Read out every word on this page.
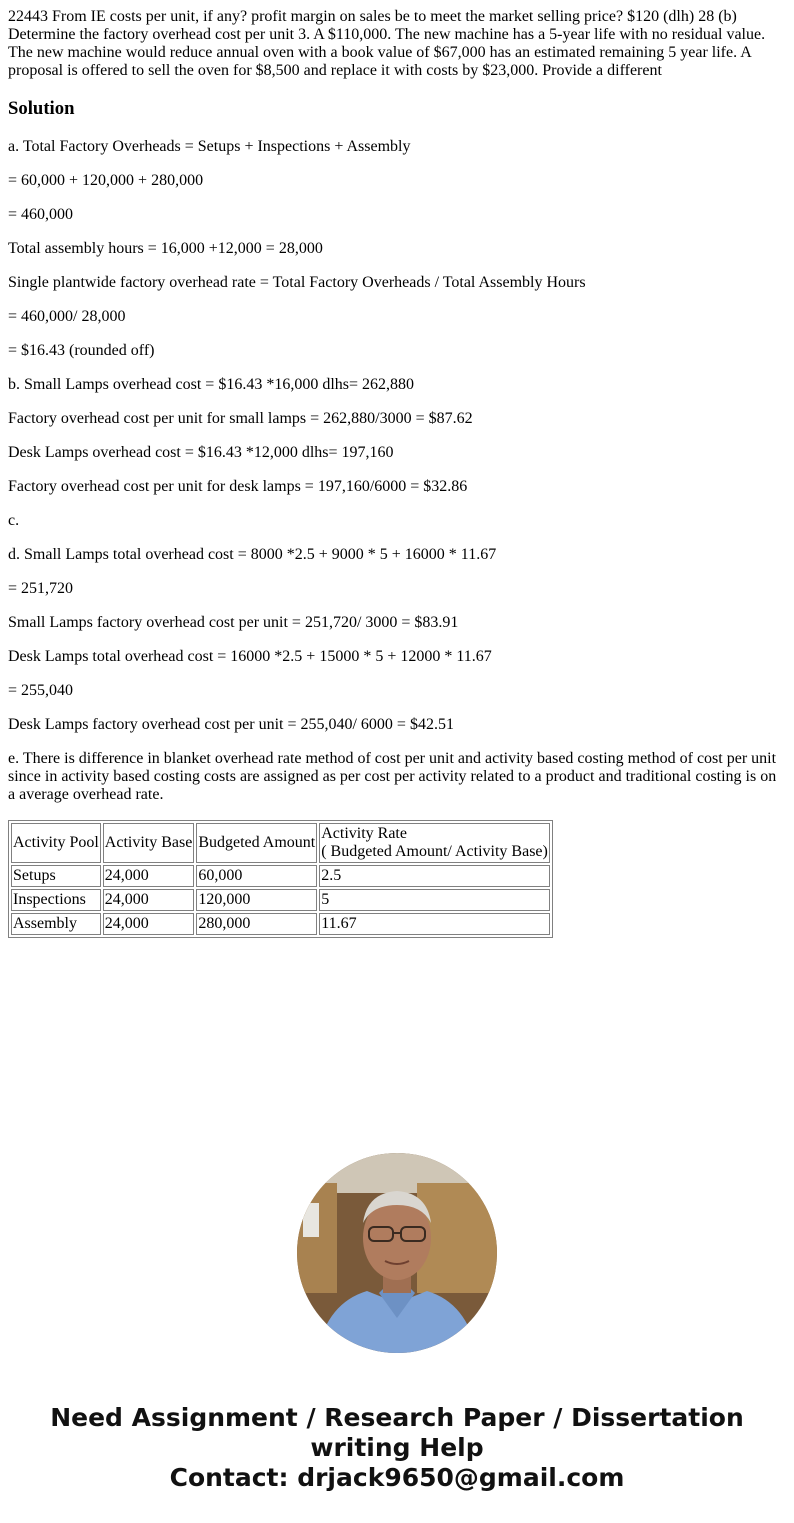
22443 From IE costs per unit, if any? profit margin on sales be to meet the market selling price? $120 (dlh) 28 (b) Determine the factory overhead cost per unit 3. A $110,000. The new machine has a 5-year life with no residual value. The new machine would reduce annual oven with a book value of $67,000 has an estimated remaining 5 year life. A proposal is offered to sell the oven for $8,500 and replace it with costs by $23,000. Provide a different

Solution

a. Total Factory Overheads = Setups + Inspections + Assembly

= 60,000 + 120,000 + 280,000

= 460,000

Total assembly hours = 16,000 +12,000 = 28,000

Single plantwide factory overhead rate = Total Factory Overheads / Total Assembly Hours

= 460,000/ 28,000

= $16.43 (rounded off)

b. Small Lamps overhead cost = $16.43 *16,000 dlhs= 262,880

Factory overhead cost per unit for small lamps = 262,880/3000 = $87.62

Desk Lamps overhead cost = $16.43 *12,000 dlhs= 197,160

Factory overhead cost per unit for desk lamps = 197,160/6000 = $32.86

c.

d. Small Lamps total overhead cost = 8000 *2.5 + 9000 * 5 + 16000 * 11.67

= 251,720

Small Lamps factory overhead cost per unit = 251,720/ 3000 = $83.91

Desk Lamps total overhead cost = 16000 *2.5 + 15000 * 5 + 12000 * 11.67

= 255,040

Desk Lamps factory overhead cost per unit = 255,040/ 6000 = $42.51

e. There is difference in blanket overhead rate method of cost per unit and activity based costing method of cost per unit since in activity based costing costs are assigned as per cost per activity related to a product and traditional costing is on a average overhead rate.

Activity Pool	Activity Base	Budgeted Amount	Activity Rate
( Budgeted Amount/ Activity Base)

Setups	24,000	60,000	2.5
Inspections	24,000	120,000	5
Assembly	24,000	280,000	11.67
Need Assignment / Research Paper / Dissertation
writing Help
Contact: drjack9650@gmail.com
